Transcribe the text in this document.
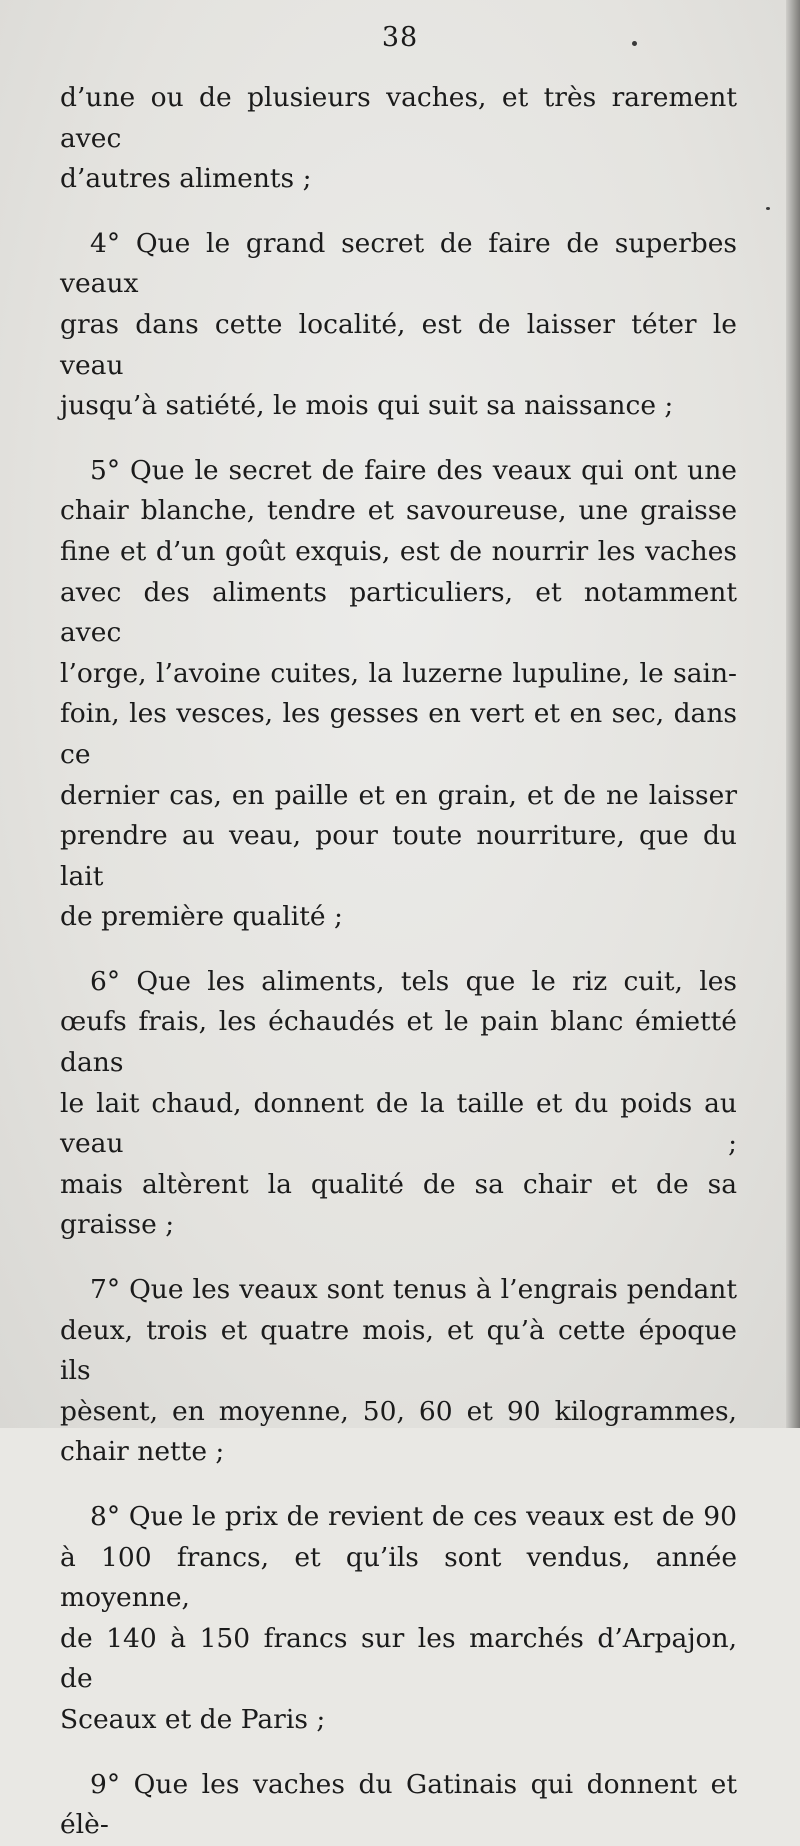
38

d’une ou de plusieurs vaches, et très rarement avec

d’autres aliments ;

4° Que le grand secret de faire de superbes veaux

gras dans cette localité, est de laisser téter le veau

jusqu’à satiété, le mois qui suit sa naissance ;

5° Que le secret de faire des veaux qui ont une

chair blanche, tendre et savoureuse, une graisse

fine et d’un goût exquis, est de nourrir les vaches

avec des aliments particuliers, et notamment avec

l’orge, l’avoine cuites, la luzerne lupuline, le sain-

foin, les vesces, les gesses en vert et en sec, dans ce

dernier cas, en paille et en grain, et de ne laisser

prendre au veau, pour toute nourriture, que du lait

de première qualité ;

6° Que les aliments, tels que le riz cuit, les

œufs frais, les échaudés et le pain blanc émietté dans

le lait chaud, donnent de la taille et du poids au veau ;

mais altèrent la qualité de sa chair et de sa graisse ;

7° Que les veaux sont tenus à l’engrais pendant

deux, trois et quatre mois, et qu’à cette époque ils

pèsent, en moyenne, 50, 60 et 90 kilogrammes,

chair nette ;

8° Que le prix de revient de ces veaux est de 90

à 100 francs, et qu’ils sont vendus, année moyenne,

de 140 à 150 francs sur les marchés d’Arpajon, de

Sceaux et de Paris ;

9° Que les vaches du Gatinais qui donnent et élè-
